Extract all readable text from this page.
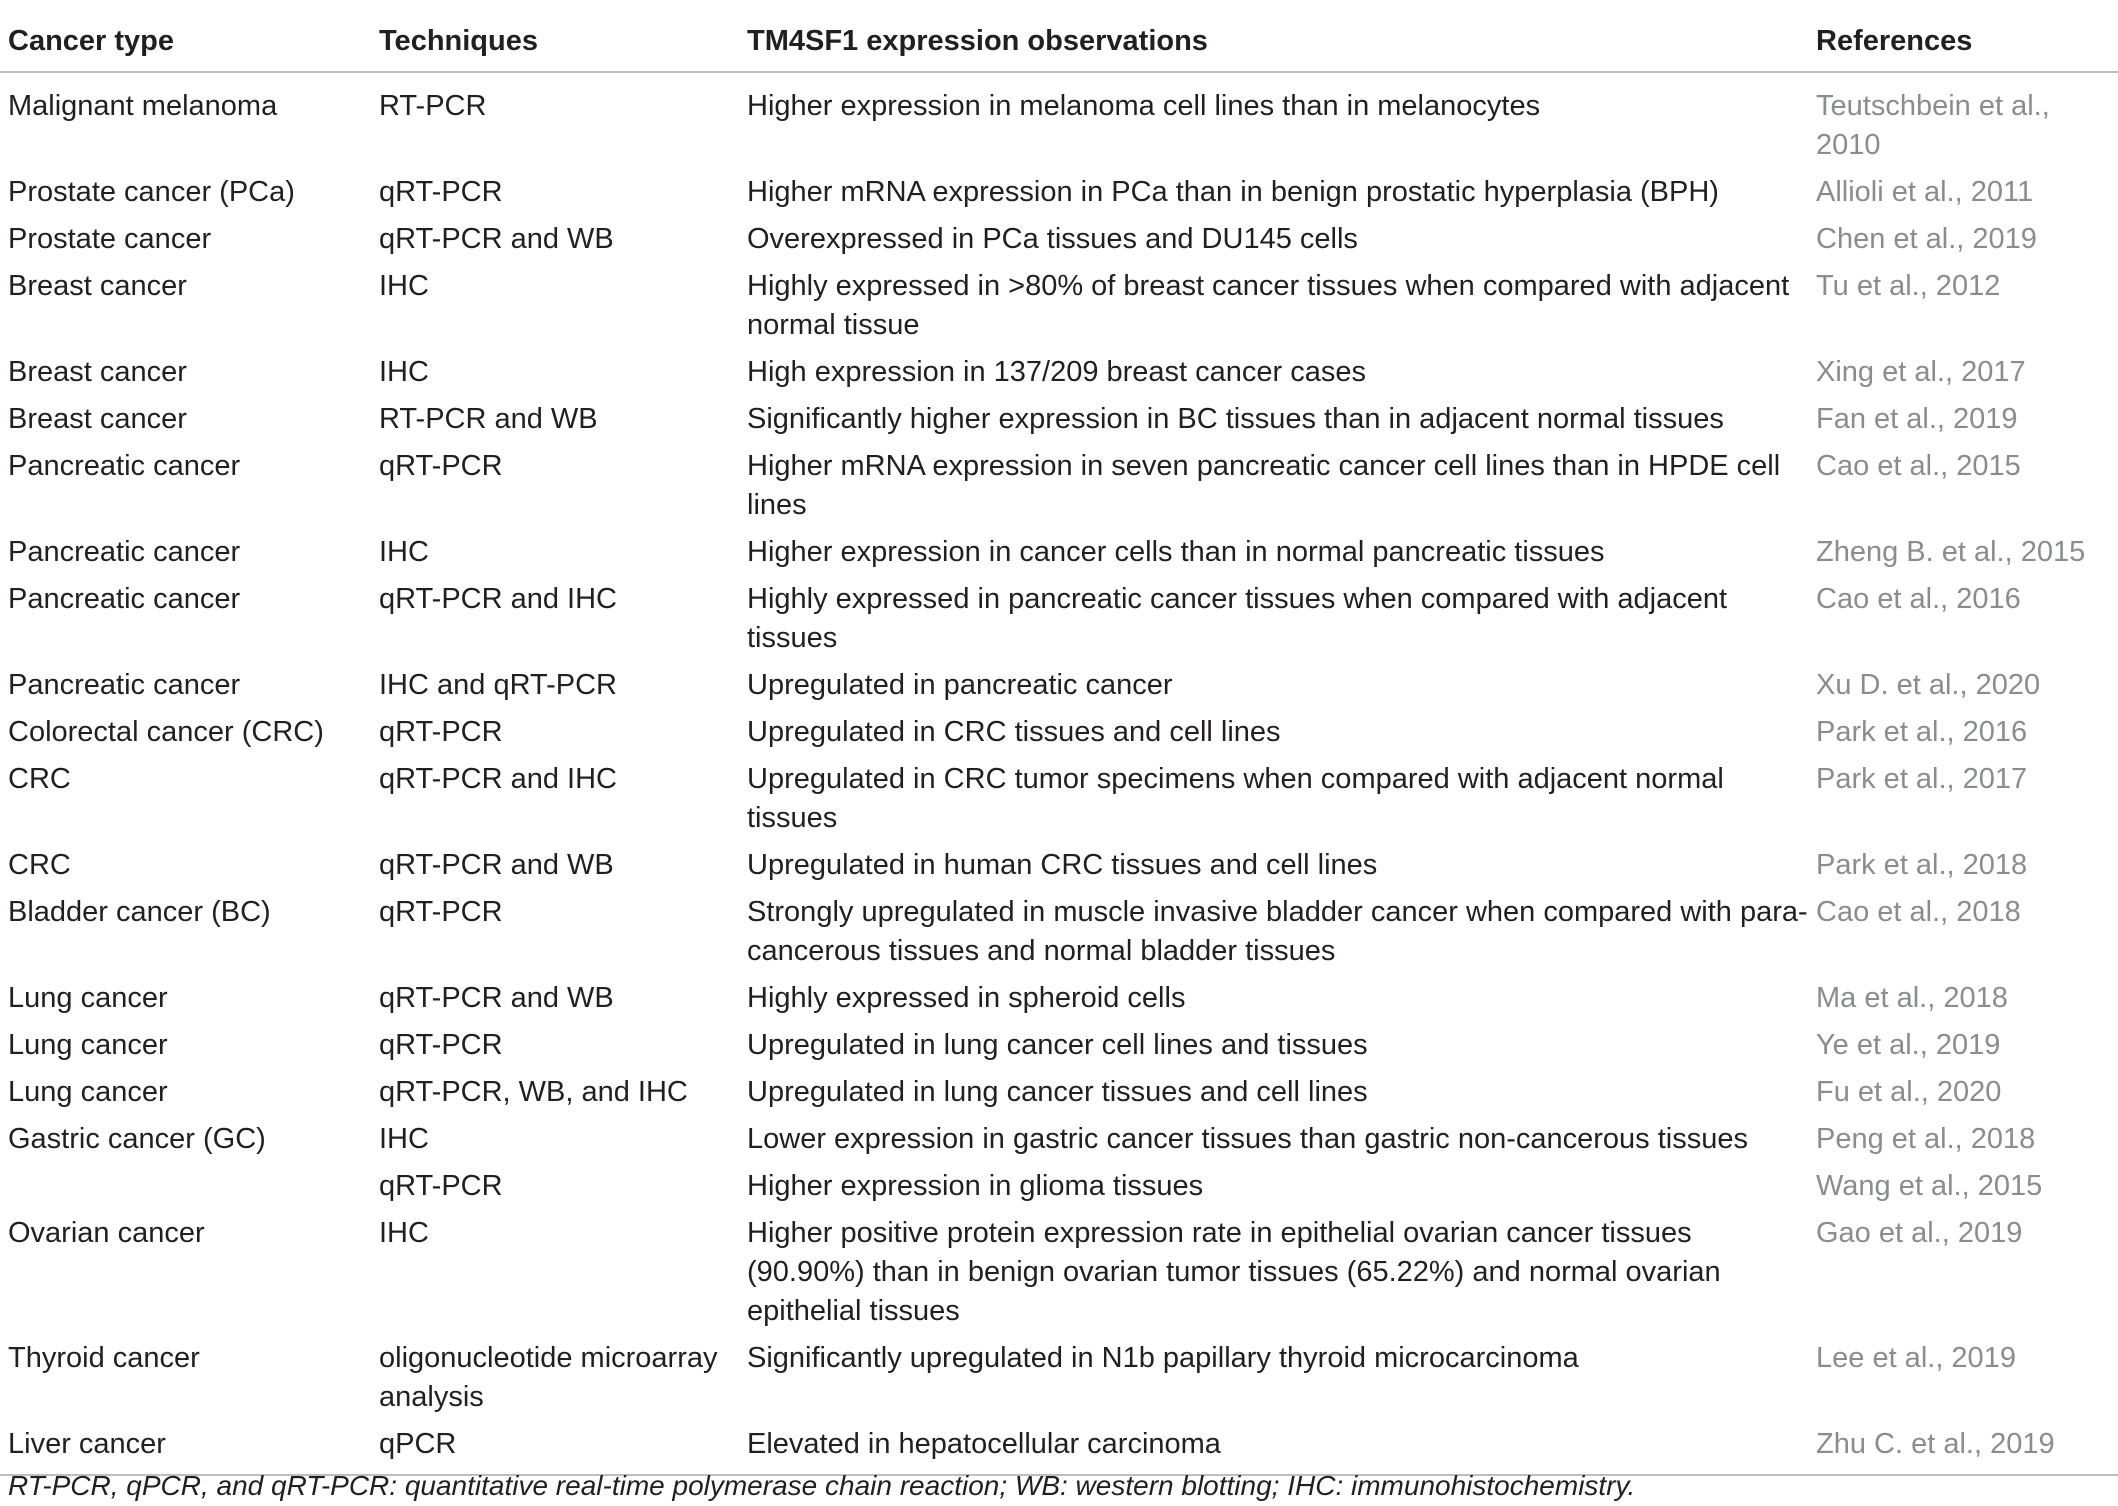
Cancer type	Techniques	TM4SF1 expression observations	References
Malignant melanoma	RT-PCR	Higher expression in melanoma cell lines than in melanocytes	Teutschbein et al., 2010
Prostate cancer (PCa)	qRT-PCR	Higher mRNA expression in PCa than in benign prostatic hyperplasia (BPH)	Allioli et al., 2011
Prostate cancer	qRT-PCR and WB	Overexpressed in PCa tissues and DU145 cells	Chen et al., 2019
Breast cancer	IHC	Highly expressed in >80% of breast cancer tissues when compared with adjacent normal tissue	Tu et al., 2012
Breast cancer	IHC	High expression in 137/209 breast cancer cases	Xing et al., 2017
Breast cancer	RT-PCR and WB	Significantly higher expression in BC tissues than in adjacent normal tissues	Fan et al., 2019
Pancreatic cancer	qRT-PCR	Higher mRNA expression in seven pancreatic cancer cell lines than in HPDE cell lines	Cao et al., 2015
Pancreatic cancer	IHC	Higher expression in cancer cells than in normal pancreatic tissues	Zheng B. et al., 2015
Pancreatic cancer	qRT-PCR and IHC	Highly expressed in pancreatic cancer tissues when compared with adjacent tissues	Cao et al., 2016
Pancreatic cancer	IHC and qRT-PCR	Upregulated in pancreatic cancer	Xu D. et al., 2020
Colorectal cancer (CRC)	qRT-PCR	Upregulated in CRC tissues and cell lines	Park et al., 2016
CRC	qRT-PCR and IHC	Upregulated in CRC tumor specimens when compared with adjacent normal tissues	Park et al., 2017
CRC	qRT-PCR and WB	Upregulated in human CRC tissues and cell lines	Park et al., 2018
Bladder cancer (BC)	qRT-PCR	Strongly upregulated in muscle invasive bladder cancer when compared with para-cancerous tissues and normal bladder tissues	Cao et al., 2018
Lung cancer	qRT-PCR and WB	Highly expressed in spheroid cells	Ma et al., 2018
Lung cancer	qRT-PCR	Upregulated in lung cancer cell lines and tissues	Ye et al., 2019
Lung cancer	qRT-PCR, WB, and IHC	Upregulated in lung cancer tissues and cell lines	Fu et al., 2020
Gastric cancer (GC)	IHC	Lower expression in gastric cancer tissues than gastric non-cancerous tissues	Peng et al., 2018
	qRT-PCR	Higher expression in glioma tissues	Wang et al., 2015
Ovarian cancer	IHC	Higher positive protein expression rate in epithelial ovarian cancer tissues (90.90%) than in benign ovarian tumor tissues (65.22%) and normal ovarian epithelial tissues	Gao et al., 2019
Thyroid cancer	oligonucleotide microarray analysis	Significantly upregulated in N1b papillary thyroid microcarcinoma	Lee et al., 2019
Liver cancer	qPCR	Elevated in hepatocellular carcinoma	Zhu C. et al., 2019
RT-PCR, qPCR, and qRT-PCR: quantitative real-time polymerase chain reaction; WB: western blotting; IHC: immunohistochemistry.
